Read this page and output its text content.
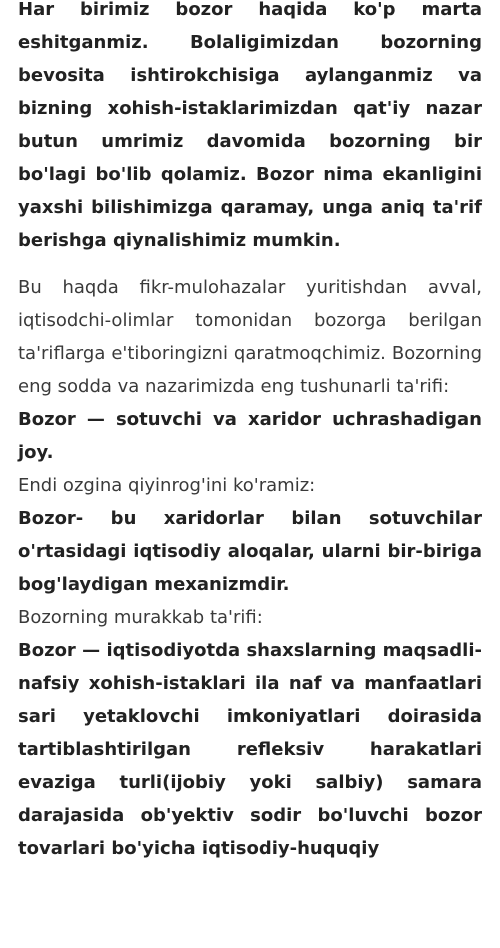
Har birimiz bozor haqida ko'p marta eshitganmiz. Bolaligimizdan bozorning bevosita ishtirokchisiga aylanganmiz va bizning xohish-istaklarimizdan qat'iy nazar butun umrimiz davomida bozorning bir bo'lagi bo'lib qolamiz. Bozor nima ekanligini yaxshi bilishimizga qaramay, unga aniq ta'rif berishga qiynalishimiz mumkin.

Bu haqda fikr-mulohazalar yuritishdan avval, iqtisodchi-olimlar tomonidan bozorga berilgan ta'riflarga e'tiboringizni qaratmoqchimiz. Bozorning eng sodda va nazarimizda eng tushunarli ta'rifi:

Bozor — sotuvchi va xaridor uchrashadigan joy.

Endi ozgina qiyinrog'ini ko'ramiz:

Bozor- bu xaridorlar bilan sotuvchilar o'rtasidagi iqtisodiy aloqalar, ularni bir-biriga bog'laydigan mexanizmdir.

Bozorning murakkab ta'rifi:

Bozor — iqtisodiyotda shaxslarning maqsadli-nafsiy xohish-istaklari ila naf va manfaatlari sari yetaklovchi imkoniyatlari doirasida tartiblashtirilgan refleksiv harakatlari evaziga turli(ijobiy yoki salbiy) samara darajasida ob'yektiv sodir bo'luvchi bozor tovarlari bo'yicha iqtisodiy-huquqiy
